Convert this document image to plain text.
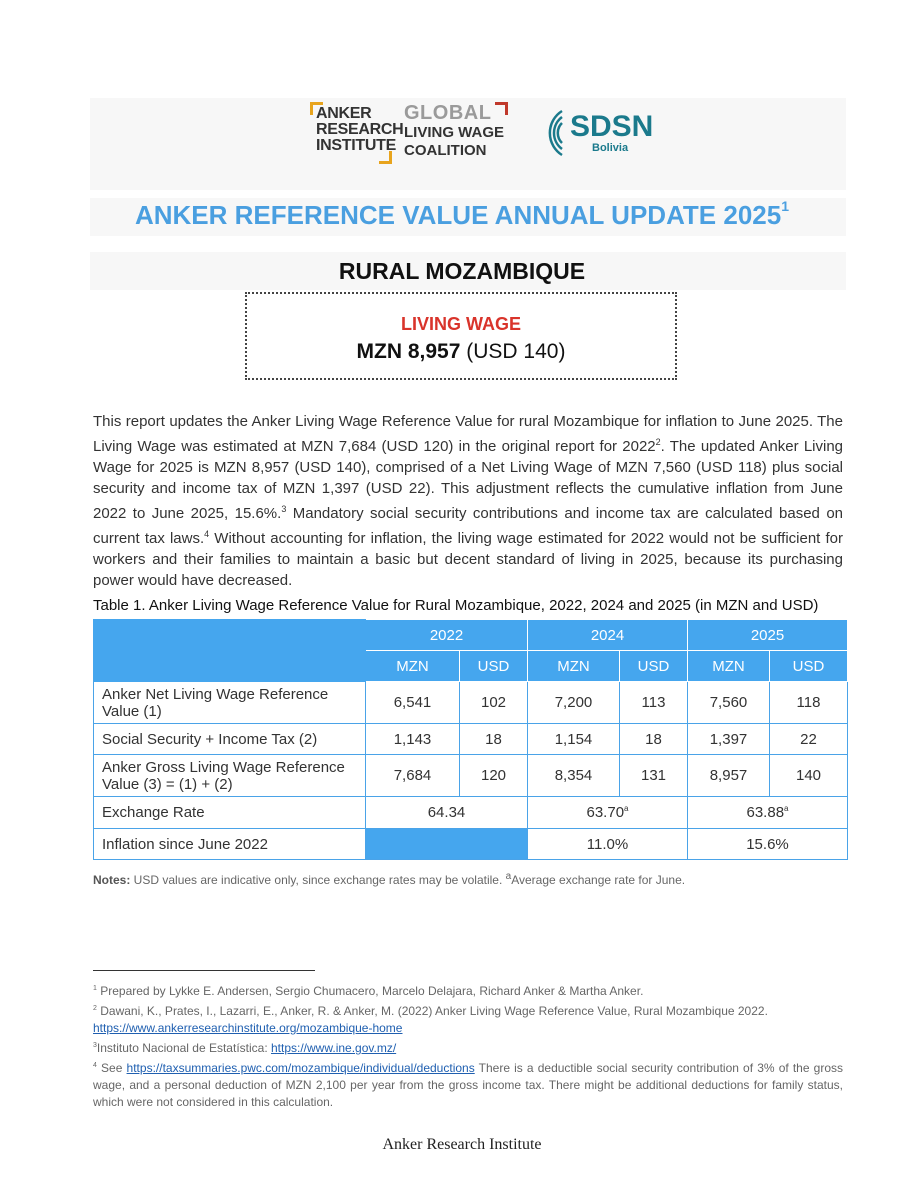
ANKER
RESEARCH
INSTITUTE
GLOBAL
LIVING WAGE
COALITION
SDSN
Bolivia
ANKER REFERENCE VALUE ANNUAL UPDATE 2025$^1$
RURAL MOZAMBIQUE
LIVING WAGE
MZN 8,957 (USD 140)
This report updates the Anker Living Wage Reference Value for rural Mozambique for inflation to June 2025. The Living Wage was estimated at MZN 7,684 (USD 120) in the original report for 2022$^2$. The updated Anker Living Wage for 2025 is MZN 8,957 (USD 140), comprised of a Net Living Wage of MZN 7,560 (USD 118) plus social security and income tax of MZN 1,397 (USD 22). This adjustment reflects the cumulative inflation from June 2022 to June 2025, 15.6%.$^3$ Mandatory social security contributions and income tax are calculated based on current tax laws.$^4$ Without accounting for inflation, the living wage estimated for 2022 would not be sufficient for workers and their families to maintain a basic but decent standard of living in 2025, because its purchasing power would have decreased.
Table 1. Anker Living Wage Reference Value for Rural Mozambique, 2022, 2024 and 2025 (in MZN and USD)
	2022		2024		2025	
	MZN	USD	MZN	USD	MZN	USD
Anker Net Living Wage Reference Value (1)	6,541	102	7,200	113	7,560	118
Social Security + Income Tax (2)	1,143	18	1,154	18	1,397	22
Anker Gross Living Wage Reference Value (3) = (1) + (2)	7,684	120	8,354	131	8,957	140
Exchange Rate	64.34		63.70$^a$		63.88$^a$
Inflation since June 2022			11.0%		15.6%	
Notes: USD values are indicative only, since exchange rates may be volatile. $^a$Average exchange rate for June.
$^1$ Prepared by Lykke E. Andersen, Sergio Chumacero, Marcelo Delajara, Richard Anker & Martha Anker.
$^2$ Dawani, K., Prates, I., Lazarri, E., Anker, R. & Anker, M. (2022) Anker Living Wage Reference Value, Rural Mozambique 2022.
https://www.ankerresearchinstitute.org/mozambique-home
$^3$Instituto Nacional de Estatística: https://www.ine.gov.mz/
$^4$ See https://taxsummaries.pwc.com/mozambique/individual/deductions There is a deductible social security contribution of 3% of the gross wage, and a personal deduction of MZN 2,100 per year from the gross income tax. There might be additional deductions for family status, which were not considered in this calculation.
Anker Research Institute
